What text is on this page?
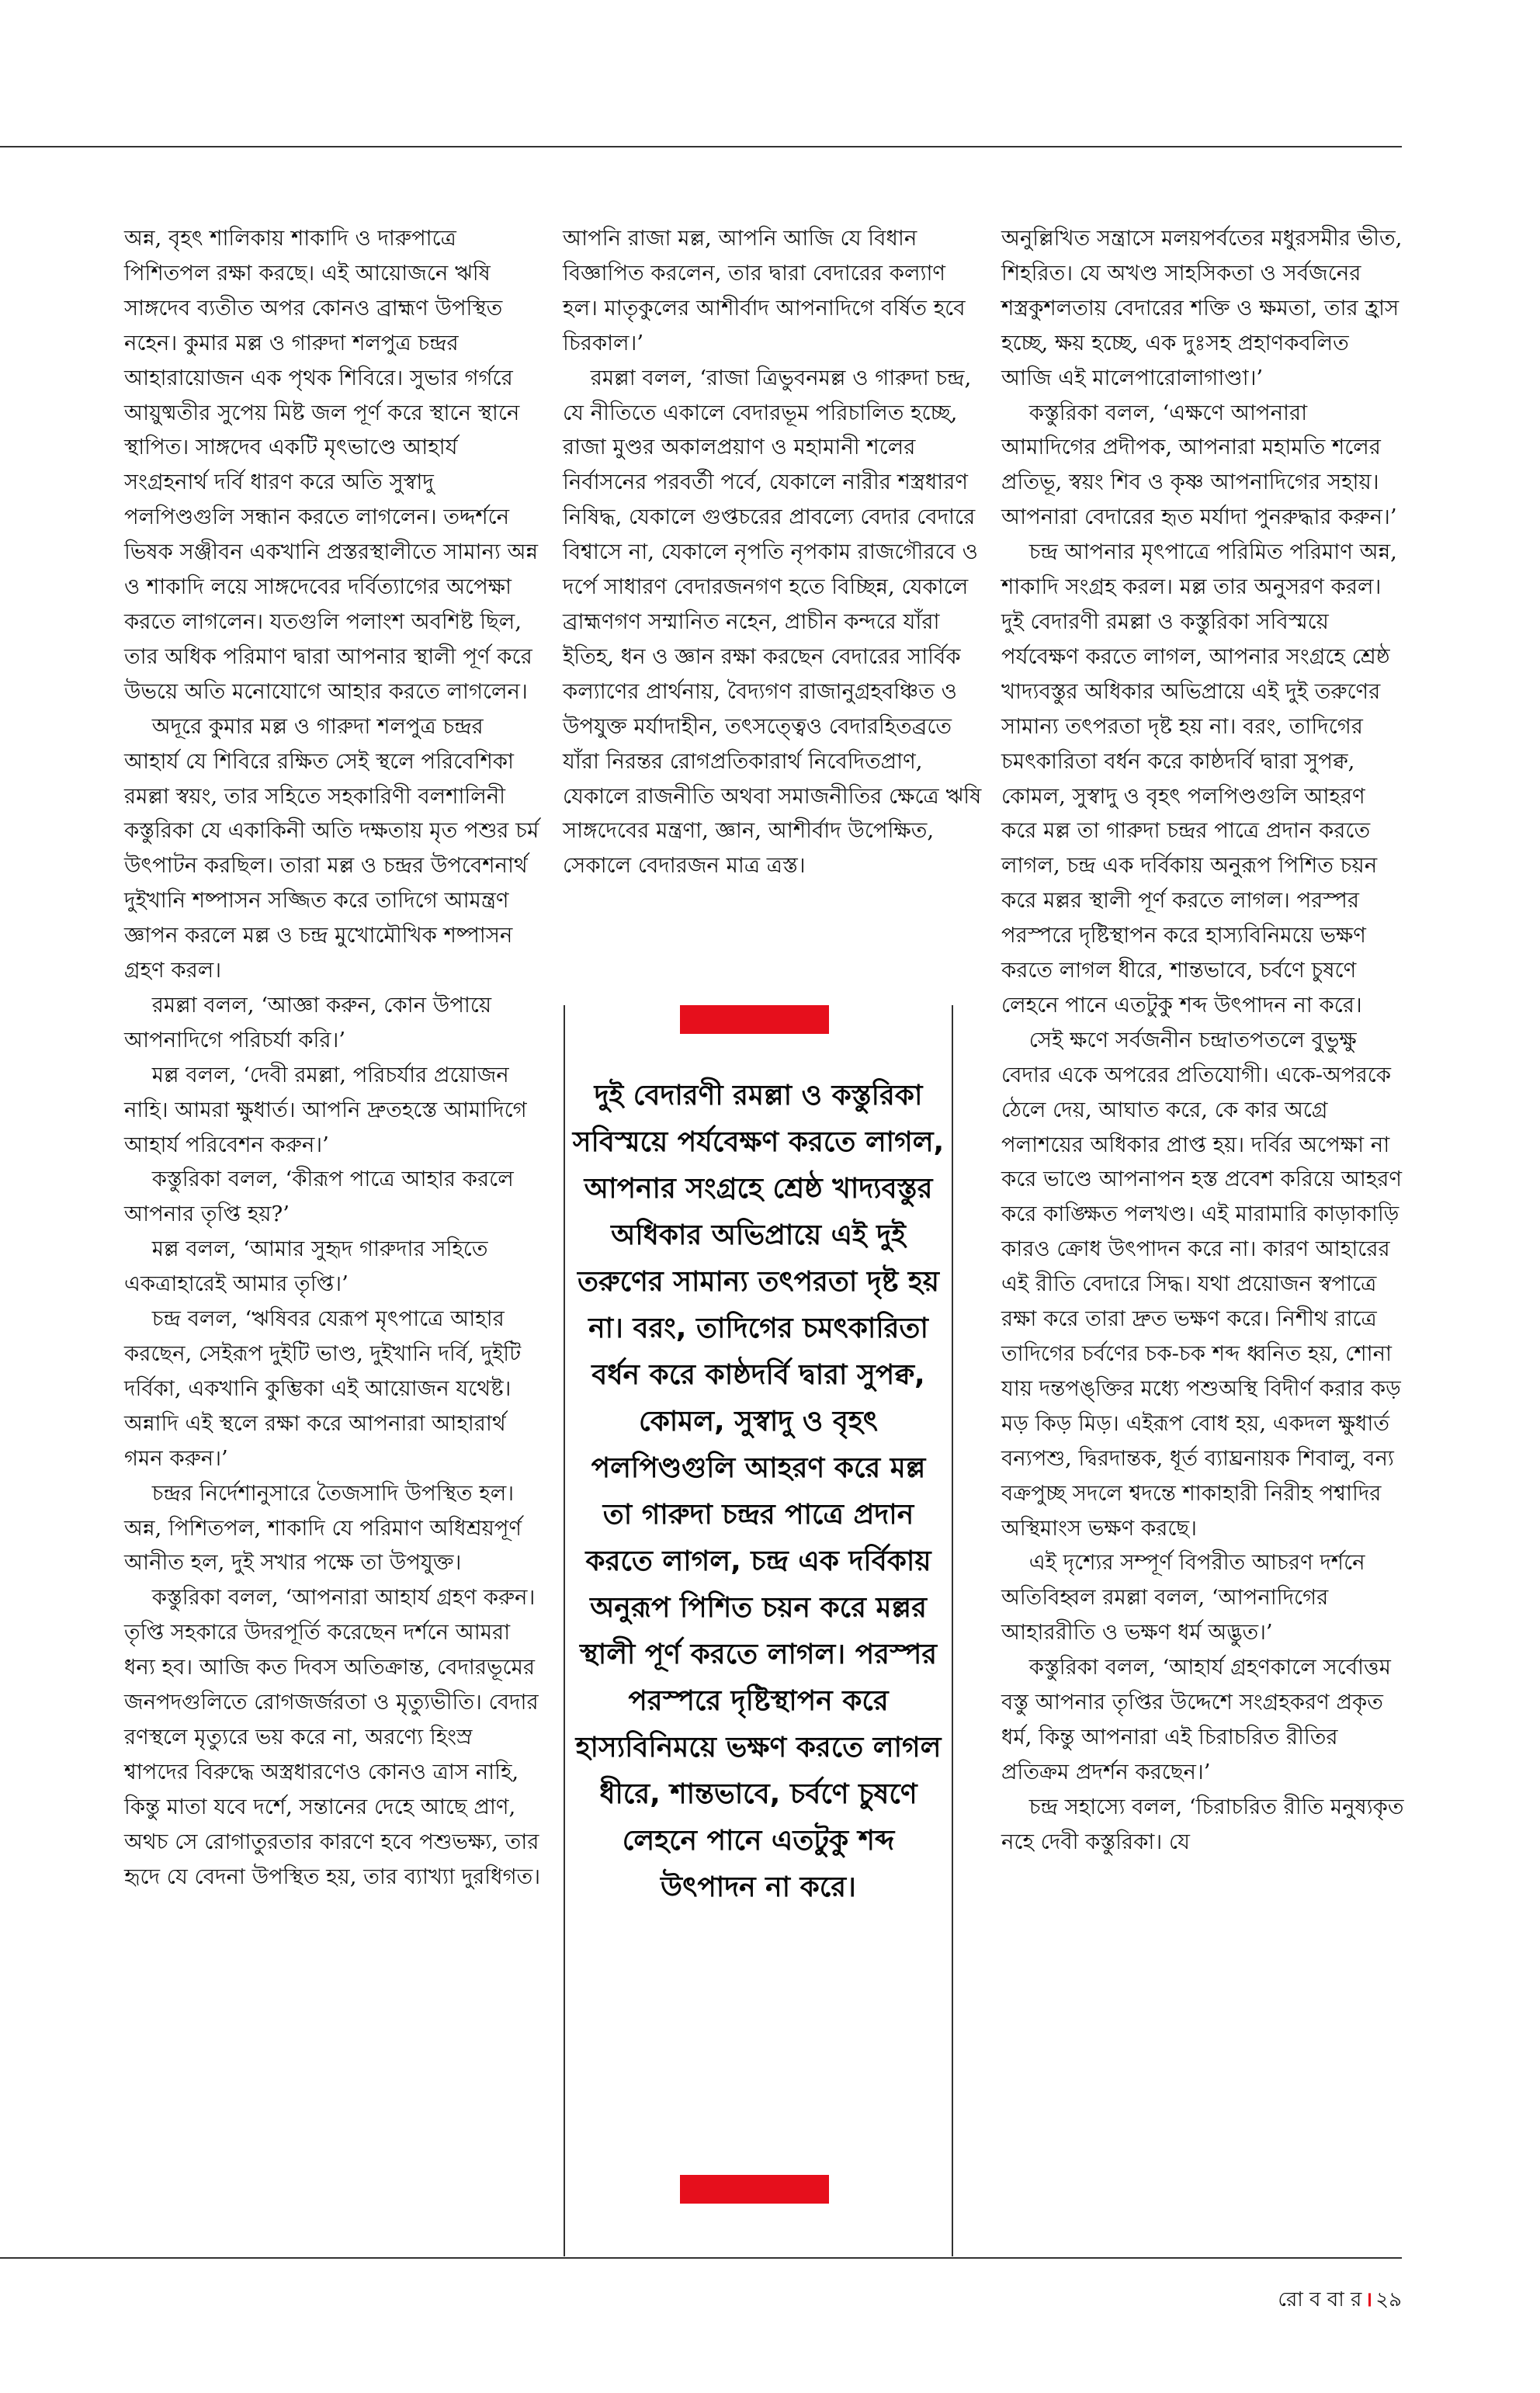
অন্ন, বৃহৎ শালিকায় শাকাদি ও দারুপাত্রে পিশিতপল রক্ষা করছে। এই আয়োজনে ঋষি সাঙ্গদেব ব্যতীত অপর কোনও ব্রাহ্মণ উপস্থিত নহেন। কুমার মল্ল ও গারুদা শলপুত্র চন্দ্রর আহারায়োজন এক পৃথক শিবিরে। সুভার গর্গরে আয়ুষ্মতীর সুপেয় মিষ্ট জল পূর্ণ করে স্থানে স্থানে স্থাপিত। সাঙ্গদেব একটি মৃৎভাণ্ডে আহার্য সংগ্রহনার্থ দর্বি ধারণ করে অতি সুস্বাদু পলপিণ্ডগুলি সন্ধান করতে লাগলেন। তদ্দর্শনে ভিষক সঞ্জীবন একখানি প্রস্তরস্থালীতে সামান্য অন্ন ও শাকাদি লয়ে সাঙ্গদেবের দর্বিত্যাগের অপেক্ষা করতে লাগলেন। যতগুলি পলাংশ অবশিষ্ট ছিল, তার অধিক পরিমাণ দ্বারা আপনার স্থালী পূর্ণ করে উভয়ে অতি মনোযোগে আহার করতে লাগলেন।

অদূরে কুমার মল্ল ও গারুদা শলপুত্র চন্দ্রর আহার্য যে শিবিরে রক্ষিত সেই স্থলে পরিবেশিকা রমল্লা স্বয়ং, তার সহিতে সহকারিণী বলশালিনী কস্তুরিকা যে একাকিনী অতি দক্ষতায় মৃত পশুর চর্ম উৎপাটন করছিল। তারা মল্ল ও চন্দ্রর উপবেশনার্থ দুইখানি শষ্পাসন সজ্জিত করে তাদিগে আমন্ত্রণ জ্ঞাপন করলে মল্ল ও চন্দ্র মুখোমৌখিক শষ্পাসন গ্রহণ করল।

রমল্লা বলল, ‘আজ্ঞা করুন, কোন উপায়ে আপনাদিগে পরিচর্যা করি।’

মল্ল বলল, ‘দেবী রমল্লা, পরিচর্যার প্রয়োজন নাহি। আমরা ক্ষুধার্ত। আপনি দ্রুতহস্তে আমাদিগে আহার্য পরিবেশন করুন।’

কস্তুরিকা বলল, ‘কীরূপ পাত্রে আহার করলে আপনার তৃপ্তি হয়?’

মল্ল বলল, ‘আমার সুহৃদ গারুদার সহিতে একত্রাহারেই আমার তৃপ্তি।’

চন্দ্র বলল, ‘ঋষিবর যেরূপ মৃৎপাত্রে আহার করছেন, সেইরূপ দুইটি ভাণ্ড, দুইখানি দর্বি, দুইটি দর্বিকা, একখানি কুম্ভিকা এই আয়োজন যথেষ্ট। অন্নাদি এই স্থলে রক্ষা করে আপনারা আহারার্থ গমন করুন।’

চন্দ্রর নির্দেশানুসারে তৈজসাদি উপস্থিত হল। অন্ন, পিশিতপল, শাকাদি যে পরিমাণ অধিশ্রয়পূর্ণ আনীত হল, দুই সখার পক্ষে তা উপযুক্ত।

কস্তুরিকা বলল, ‘আপনারা আহার্য গ্রহণ করুন। তৃপ্তি সহকারে উদরপূর্তি করেছেন দর্শনে আমরা ধন্য হব। আজি কত দিবস অতিক্রান্ত, বেদারভূমের জনপদগুলিতে রোগজর্জরতা ও মৃত্যুভীতি। বেদার রণস্থলে মৃত্যুরে ভয় করে না, অরণ্যে হিংস্র শ্বাপদের বিরুদ্ধে অস্ত্রধারণেও কোনও ত্রাস নাহি, কিন্তু মাতা যবে দর্শে, সন্তানের দেহে আছে প্রাণ, অথচ সে রোগাতুরতার কারণে হবে পশুভক্ষ্য, তার হৃদে যে বেদনা উপস্থিত হয়, তার ব্যাখ্যা দুরধিগত।

আপনি রাজা মল্ল, আপনি আজি যে বিধান বিজ্ঞাপিত করলেন, তার দ্বারা বেদারের কল্যাণ হল। মাতৃকুলের আশীর্বাদ আপনাদিগে বর্ষিত হবে চিরকাল।’

রমল্লা বলল, ‘রাজা ত্রিভুবনমল্ল ও গারুদা চন্দ্র, যে নীতিতে একালে বেদারভূম পরিচালিত হচ্ছে, রাজা মুণ্ডর অকালপ্রয়াণ ও মহামানী শলের নির্বাসনের পরবর্তী পর্বে, যেকালে নারীর শস্ত্রধারণ নিষিদ্ধ, যেকালে গুপ্তচরের প্রাবল্যে বেদার বেদারে বিশ্বাসে না, যেকালে নৃপতি নৃপকাম রাজগৌরবে ও দর্পে সাধারণ বেদারজনগণ হতে বিচ্ছিন্ন, যেকালে ব্রাহ্মণগণ সম্মানিত নহেন, প্রাচীন কন্দরে যাঁরা ইতিহ, ধন ও জ্ঞান রক্ষা করছেন বেদারের সার্বিক কল্যাণের প্রার্থনায়, বৈদ্যগণ রাজানুগ্রহবঞ্চিত ও উপযুক্ত মর্যাদাহীন, তৎসত্ত্বেও বেদারহিতব্রতে যাঁরা নিরন্তর রোগপ্রতিকারার্থ নিবেদিতপ্রাণ, যেকালে রাজনীতি অথবা সমাজনীতির ক্ষেত্রে ঋষি সাঙ্গদেবের মন্ত্রণা, জ্ঞান, আশীর্বাদ উপেক্ষিত, সেকালে বেদারজন মাত্র ত্রস্ত।

দুই বেদারণী রমল্লা ও কস্তুরিকা সবিস্ময়ে পর্যবেক্ষণ করতে লাগল, আপনার সংগ্রহে শ্রেষ্ঠ খাদ্যবস্তুর অধিকার অভিপ্রায়ে এই দুই তরুণের সামান্য তৎপরতা দৃষ্ট হয় না। বরং, তাদিগের চমৎকারিতা বর্ধন করে কাষ্ঠদর্বি দ্বারা সুপক্ব, কোমল, সুস্বাদু ও বৃহৎ পলপিণ্ডগুলি আহরণ করে মল্ল তা গারুদা চন্দ্রর পাত্রে প্রদান করতে লাগল, চন্দ্র এক দর্বিকায় অনুরূপ পিশিত চয়ন করে মল্লর স্থালী পূর্ণ করতে লাগল। পরস্পর পরস্পরে দৃষ্টিস্থাপন করে হাস্যবিনিময়ে ভক্ষণ করতে লাগল ধীরে, শান্তভাবে, চর্বণে চুষণে লেহনে পানে এতটুকু শব্দ উৎপাদন না করে।

অনুল্লিখিত সন্ত্রাসে মলয়পর্বতের মধুরসমীর ভীত, শিহরিত। যে অখণ্ড সাহসিকতা ও সর্বজনের শস্ত্রকুশলতায় বেদারের শক্তি ও ক্ষমতা, তার হ্রাস হচ্ছে, ক্ষয় হচ্ছে, এক দুঃসহ প্রহাণকবলিত আজি এই মালেপারোলাগাণ্ডা।’

কস্তুরিকা বলল, ‘এক্ষণে আপনারা আমাদিগের প্রদীপক, আপনারা মহামতি শলের প্রতিভূ, স্বয়ং শিব ও কৃষ্ণ আপনাদিগের সহায়। আপনারা বেদারের হৃত মর্যাদা পুনরুদ্ধার করুন।’

চন্দ্র আপনার মৃৎপাত্রে পরিমিত পরিমাণ অন্ন, শাকাদি সংগ্রহ করল। মল্ল তার অনুসরণ করল। দুই বেদারণী রমল্লা ও কস্তুরিকা সবিস্ময়ে পর্যবেক্ষণ করতে লাগল, আপনার সংগ্রহে শ্রেষ্ঠ খাদ্যবস্তুর অধিকার অভিপ্রায়ে এই দুই তরুণের সামান্য তৎপরতা দৃষ্ট হয় না। বরং, তাদিগের চমৎকারিতা বর্ধন করে কাষ্ঠদর্বি দ্বারা সুপক্ব, কোমল, সুস্বাদু ও বৃহৎ পলপিণ্ডগুলি আহরণ করে মল্ল তা গারুদা চন্দ্রর পাত্রে প্রদান করতে লাগল, চন্দ্র এক দর্বিকায় অনুরূপ পিশিত চয়ন করে মল্লর স্থালী পূর্ণ করতে লাগল। পরস্পর পরস্পরে দৃষ্টিস্থাপন করে হাস্যবিনিময়ে ভক্ষণ করতে লাগল ধীরে, শান্তভাবে, চর্বণে চুষণে লেহনে পানে এতটুকু শব্দ উৎপাদন না করে।

সেই ক্ষণে সর্বজনীন চন্দ্রাতপতলে বুভুক্ষু বেদার একে অপরের প্রতিযোগী। একে-অপরকে ঠেলে দেয়, আঘাত করে, কে কার অগ্রে পলাশয়ের অধিকার প্রাপ্ত হয়। দর্বির অপেক্ষা না করে ভাণ্ডে আপনাপন হস্ত প্রবেশ করিয়ে আহরণ করে কাঙ্ক্ষিত পলখণ্ড। এই মারামারি কাড়াকাড়ি কারও ক্রোধ উৎপাদন করে না। কারণ আহারের এই রীতি বেদারে সিদ্ধ। যথা প্রয়োজন স্বপাত্রে রক্ষা করে তারা দ্রুত ভক্ষণ করে। নিশীথ রাত্রে তাদিগের চর্বণের চক-চক শব্দ ধ্বনিত হয়, শোনা যায় দন্তপঙ্‌ক্তির মধ্যে পশুঅস্থি বিদীর্ণ করার কড় মড় কিড় মিড়। এইরূপ বোধ হয়, একদল ক্ষুধার্ত বন্যপশু, দ্বিরদান্তক, ধূর্ত ব্যাঘ্রনায়ক শিবালু, বন্য বক্রপুচ্ছ সদলে শ্বদন্তে শাকাহারী নিরীহ পশ্বাদির অস্থিমাংস ভক্ষণ করছে।

এই দৃশ্যের সম্পূর্ণ বিপরীত আচরণ দর্শনে অতিবিহ্বল রমল্লা বলল, ‘আপনাদিগের আহাররীতি ও ভক্ষণ ধর্ম অদ্ভুত।’

কস্তুরিকা বলল, ‘আহার্য গ্রহণকালে সর্বোত্তম বস্তু আপনার তৃপ্তির উদ্দেশে সংগ্রহকরণ প্রকৃত ধর্ম, কিন্তু আপনারা এই চিরাচরিত রীতির প্রতিক্রম প্রদর্শন করছেন।’

চন্দ্র সহাস্যে বলল, ‘চিরাচরিত রীতি মনুষ্যকৃত নহে দেবী কস্তুরিকা। যে

রো ব বা র । ২৯
